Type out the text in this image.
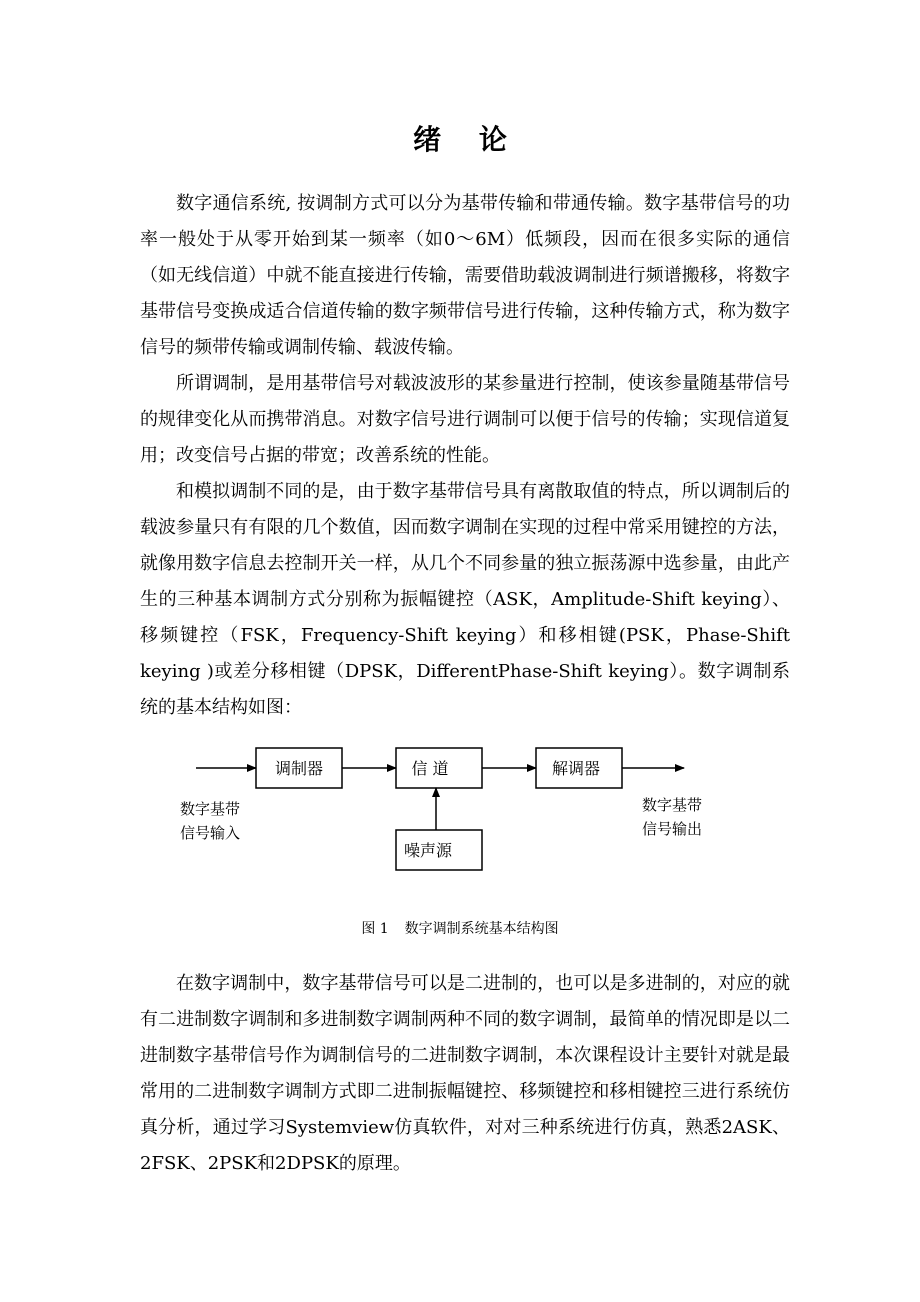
绪 论

数字通信系统, 按调制方式可以分为基带传输和带通传输。数字基带信号的功率一般处于从零开始到某一频率（如0～6M）低频段，因而在很多实际的通信（如无线信道）中就不能直接进行传输，需要借助载波调制进行频谱搬移，将数字基带信号变换成适合信道传输的数字频带信号进行传输，这种传输方式，称为数字信号的频带传输或调制传输、载波传输。

所谓调制，是用基带信号对载波波形的某参量进行控制，使该参量随基带信号的规律变化从而携带消息。对数字信号进行调制可以便于信号的传输；实现信道复用；改变信号占据的带宽；改善系统的性能。

和模拟调制不同的是，由于数字基带信号具有离散取值的特点，所以调制后的载波参量只有有限的几个数值，因而数字调制在实现的过程中常采用键控的方法，就像用数字信息去控制开关一样，从几个不同参量的独立振荡源中选参量，由此产生的三种基本调制方式分别称为振幅键控（ASK，Amplitude-Shift keying）、移频键控（FSK，Frequency-Shift keying）和移相键(PSK，Phase-Shift keying )或差分移相键（DPSK，DifferentPhase-Shift keying）。数字调制系统的基本结构如图：

调制器	信 道	解调器
噪声源
数字基带
信号输入
数字基带
信号输出
图 1 数字调制系统基本结构图

在数字调制中，数字基带信号可以是二进制的，也可以是多进制的，对应的就有二进制数字调制和多进制数字调制两种不同的数字调制，最简单的情况即是以二进制数字基带信号作为调制信号的二进制数字调制，本次课程设计主要针对就是最常用的二进制数字调制方式即二进制振幅键控、移频键控和移相键控三进行系统仿真分析，通过学习Systemview仿真软件，对对三种系统进行仿真，熟悉2ASK、2FSK、2PSK和2DPSK的原理。
